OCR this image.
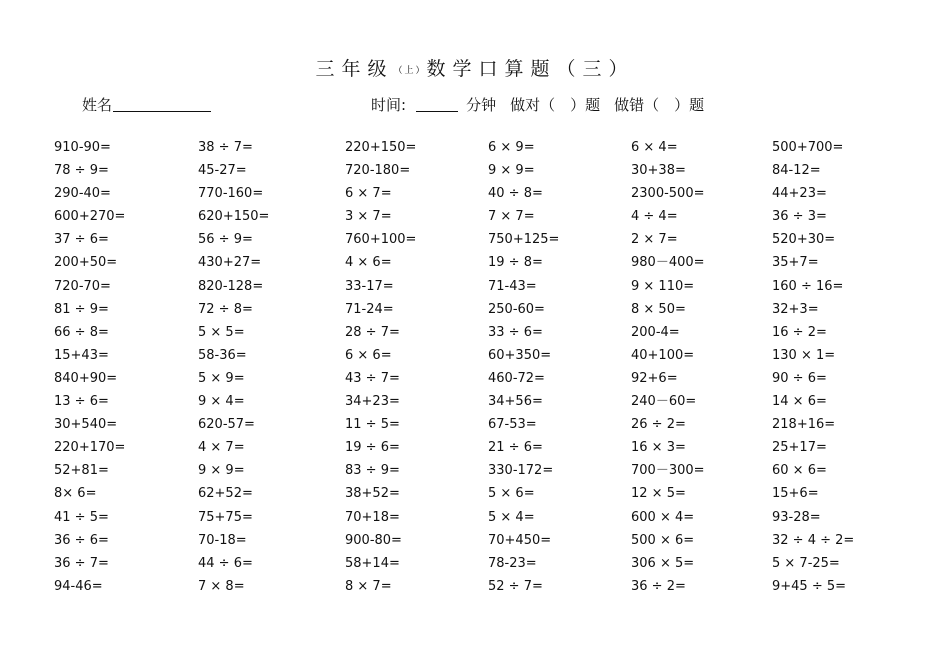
三年级$^{(上)}$数学口算题（三）
姓名	时间:	分钟 做对（　）题 做错（　）题
910-90=
78 ÷ 9=
290-40=
600+270=
37 ÷ 6=
200+50=
720-70=
81 ÷ 9=
66 ÷ 8=
15+43=
840+90=
13 ÷ 6=
30+540=
220+170=
52+81=
8× 6=
41 ÷ 5=
36 ÷ 6=
36 ÷ 7=
94-46=
38 ÷ 7=
45-27=
770-160=
620+150=
56 ÷ 9=
430+27=
820-128=
72 ÷ 8=
5 × 5=
58-36=
5 × 9=
9 × 4=
620-57=
4 × 7=
9 × 9=
62+52=
75+75=
70-18=
44 ÷ 6=
7 × 8=
220+150=
720-180=
6 × 7=
3 × 7=
760+100=
4 × 6=
33-17=
71-24=
28 ÷ 7=
6 × 6=
43 ÷ 7=
34+23=
11 ÷ 5=
19 ÷ 6=
83 ÷ 9=
38+52=
70+18=
900-80=
58+14=
8 × 7=
6 × 9=
9 × 9=
40 ÷ 8=
7 × 7=
750+125=
19 ÷ 8=
71-43=
250-60=
33 ÷ 6=
60+350=
460-72=
34+56=
67-53=
21 ÷ 6=
330-172=
5 × 6=
5 × 4=
70+450=
78-23=
52 ÷ 7=
6 × 4=
30+38=
2300-500=
4 ÷ 4=
2 × 7=
980－400=
9 × 110=
8 × 50=
200-4=
40+100=
92+6=
240－60=
26 ÷ 2=
16 × 3=
700－300=
12 × 5=
600 × 4=
500 × 6=
306 × 5=
36 ÷ 2=
500+700=
84-12=
44+23=
36 ÷ 3=
520+30=
35+7=
160 ÷ 16=
32+3=
16 ÷ 2=
130 × 1=
90 ÷ 6=
14 × 6=
218+16=
25+17=
60 × 6=
15+6=
93-28=
32 ÷ 4 ÷ 2=
5 × 7-25=
9+45 ÷ 5=
